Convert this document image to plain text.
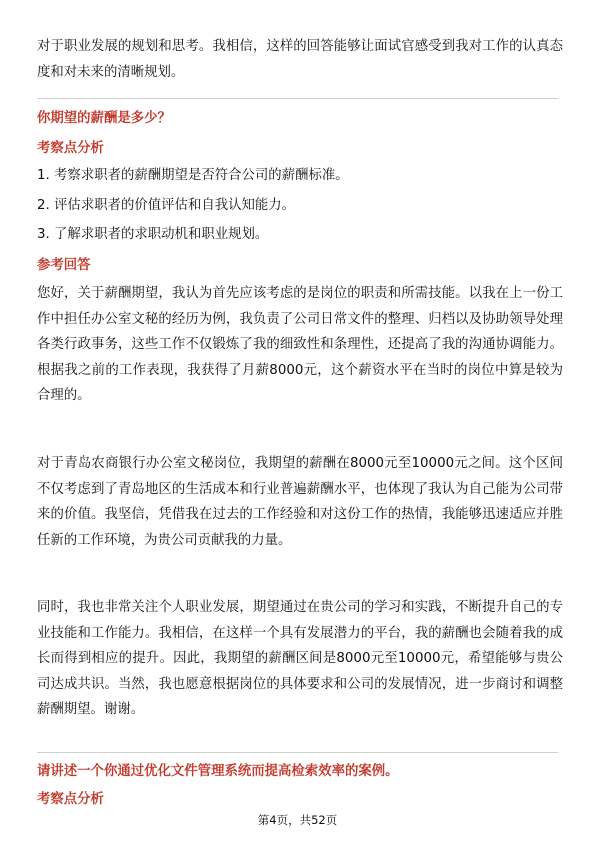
对于职业发展的规划和思考。我相信，这样的回答能够让面试官感受到我对工作的认真态度和对未来的清晰规划。

你期望的薪酬是多少？

考察点分析

1. 考察求职者的薪酬期望是否符合公司的薪酬标准。

2. 评估求职者的价值评估和自我认知能力。

3. 了解求职者的求职动机和职业规划。

参考回答

您好，关于薪酬期望，我认为首先应该考虑的是岗位的职责和所需技能。以我在上一份工作中担任办公室文秘的经历为例，我负责了公司日常文件的整理、归档以及协助领导处理各类行政事务，这些工作不仅锻炼了我的细致性和条理性，还提高了我的沟通协调能力。根据我之前的工作表现，我获得了月薪8000元，这个薪资水平在当时的岗位中算是较为合理的。

对于青岛农商银行办公室文秘岗位，我期望的薪酬在8000元至10000元之间。这个区间不仅考虑到了青岛地区的生活成本和行业普遍薪酬水平，也体现了我认为自己能为公司带来的价值。我坚信，凭借我在过去的工作经验和对这份工作的热情，我能够迅速适应并胜任新的工作环境，为贵公司贡献我的力量。

同时，我也非常关注个人职业发展，期望通过在贵公司的学习和实践，不断提升自己的专业技能和工作能力。我相信，在这样一个具有发展潜力的平台，我的薪酬也会随着我的成长而得到相应的提升。因此，我期望的薪酬区间是8000元至10000元，希望能够与贵公司达成共识。当然，我也愿意根据岗位的具体要求和公司的发展情况，进一步商讨和调整薪酬期望。谢谢。

请讲述一个你通过优化文件管理系统而提高检索效率的案例。

考察点分析

第4页，共52页
